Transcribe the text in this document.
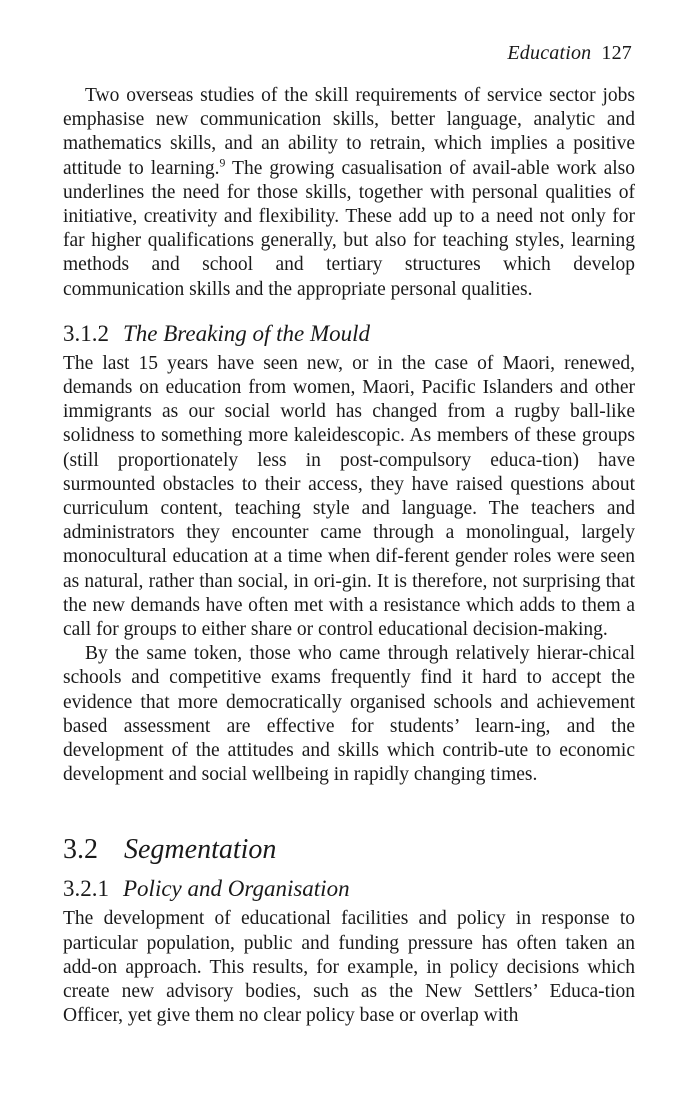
Education 127

Two overseas studies of the skill requirements of service sector jobs emphasise new communication skills, better language, analytic and mathematics skills, and an ability to retrain, which implies a positive attitude to learning.$^9$ The growing casualisation of avail-able work also underlines the need for those skills, together with personal qualities of initiative, creativity and flexibility. These add up to a need not only for far higher qualifications generally, but also for teaching styles, learning methods and school and tertiary structures which develop communication skills and the appropriate personal qualities.

3.1.2 The Breaking of the Mould

The last 15 years have seen new, or in the case of Maori, renewed, demands on education from women, Maori, Pacific Islanders and other immigrants as our social world has changed from a rugby ball-like solidness to something more kaleidescopic. As members of these groups (still proportionately less in post-compulsory educa-tion) have surmounted obstacles to their access, they have raised questions about curriculum content, teaching style and language. The teachers and administrators they encounter came through a monolingual, largely monocultural education at a time when dif-ferent gender roles were seen as natural, rather than social, in ori-gin. It is therefore, not surprising that the new demands have often met with a resistance which adds to them a call for groups to either share or control educational decision-making.

By the same token, those who came through relatively hierar-chical schools and competitive exams frequently find it hard to accept the evidence that more democratically organised schools and achievement based assessment are effective for students’ learn-ing, and the development of the attitudes and skills which contrib-ute to economic development and social wellbeing in rapidly changing times.

3.2 Segmentation
3.2.1 Policy and Organisation

The development of educational facilities and policy in response to particular population, public and funding pressure has often taken an add-on approach. This results, for example, in policy decisions which create new advisory bodies, such as the New Settlers’ Educa-tion Officer, yet give them no clear policy base or overlap with
